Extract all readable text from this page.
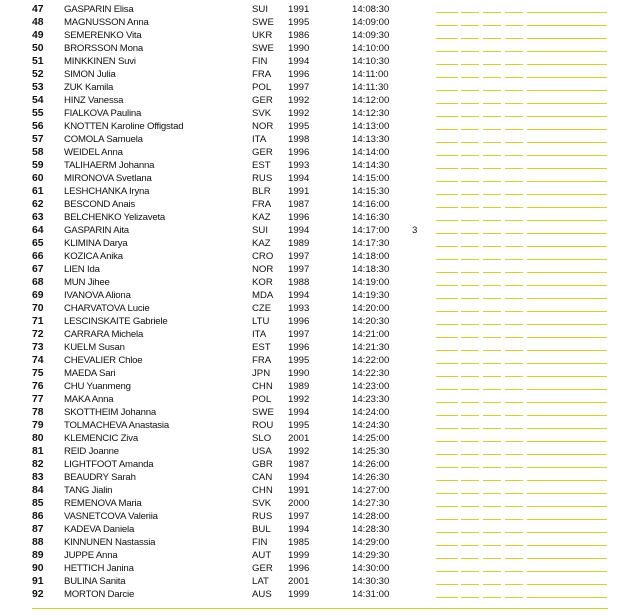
47	GASPARIN Elisa	SUI	1991	14:08:30
48	MAGNUSSON Anna	SWE	1995	14:09:00
49	SEMERENKO Vita	UKR	1986	14:09:30
50	BRORSSON Mona	SWE	1990	14:10:00
51	MINKKINEN Suvi	FIN	1994	14:10:30
52	SIMON Julia	FRA	1996	14:11:00
53	ZUK Kamila	POL	1997	14:11:30
54	HINZ Vanessa	GER	1992	14:12:00
55	FIALKOVA Paulina	SVK	1992	14:12:30
56	KNOTTEN Karoline Offigstad	NOR	1995	14:13:00
57	COMOLA Samuela	ITA	1998	14:13:30
58	WEIDEL Anna	GER	1996	14:14:00
59	TALIHAERM Johanna	EST	1993	14:14:30
60	MIRONOVA Svetlana	RUS	1994	14:15:00
61	LESHCHANKA Iryna	BLR	1991	14:15:30
62	BESCOND Anais	FRA	1987	14:16:00
63	BELCHENKO Yelizaveta	KAZ	1996	14:16:30
64	GASPARIN Aita	SUI	1994	14:17:00	3
65	KLIMINA Darya	KAZ	1989	14:17:30
66	KOZICA Anika	CRO	1997	14:18:00
67	LIEN Ida	NOR	1997	14:18:30
68	MUN Jihee	KOR	1988	14:19:00
69	IVANOVA Aliona	MDA	1994	14:19:30
70	CHARVATOVA Lucie	CZE	1993	14:20:00
71	LESCINSKAITE Gabriele	LTU	1996	14:20:30
72	CARRARA Michela	ITA	1997	14:21:00
73	KUELM Susan	EST	1996	14:21:30
74	CHEVALIER Chloe	FRA	1995	14:22:00
75	MAEDA Sari	JPN	1990	14:22:30
76	CHU Yuanmeng	CHN	1989	14:23:00
77	MAKA Anna	POL	1992	14:23:30
78	SKOTTHEIM Johanna	SWE	1994	14:24:00
79	TOLMACHEVA Anastasia	ROU	1995	14:24:30
80	KLEMENCIC Ziva	SLO	2001	14:25:00
81	REID Joanne	USA	1992	14:25:30
82	LIGHTFOOT Amanda	GBR	1987	14:26:00
83	BEAUDRY Sarah	CAN	1994	14:26:30
84	TANG Jialin	CHN	1991	14:27:00
85	REMENOVA Maria	SVK	2000	14:27:30
86	VASNETCOVA Valeriia	RUS	1997	14:28:00
87	KADEVA Daniela	BUL	1994	14:28:30
88	KINNUNEN Nastassia	FIN	1985	14:29:00
89	JUPPE Anna	AUT	1999	14:29:30
90	HETTICH Janina	GER	1996	14:30:00
91	BULINA Sanita	LAT	2001	14:30:30
92	MORTON Darcie	AUS	1999	14:31:00
